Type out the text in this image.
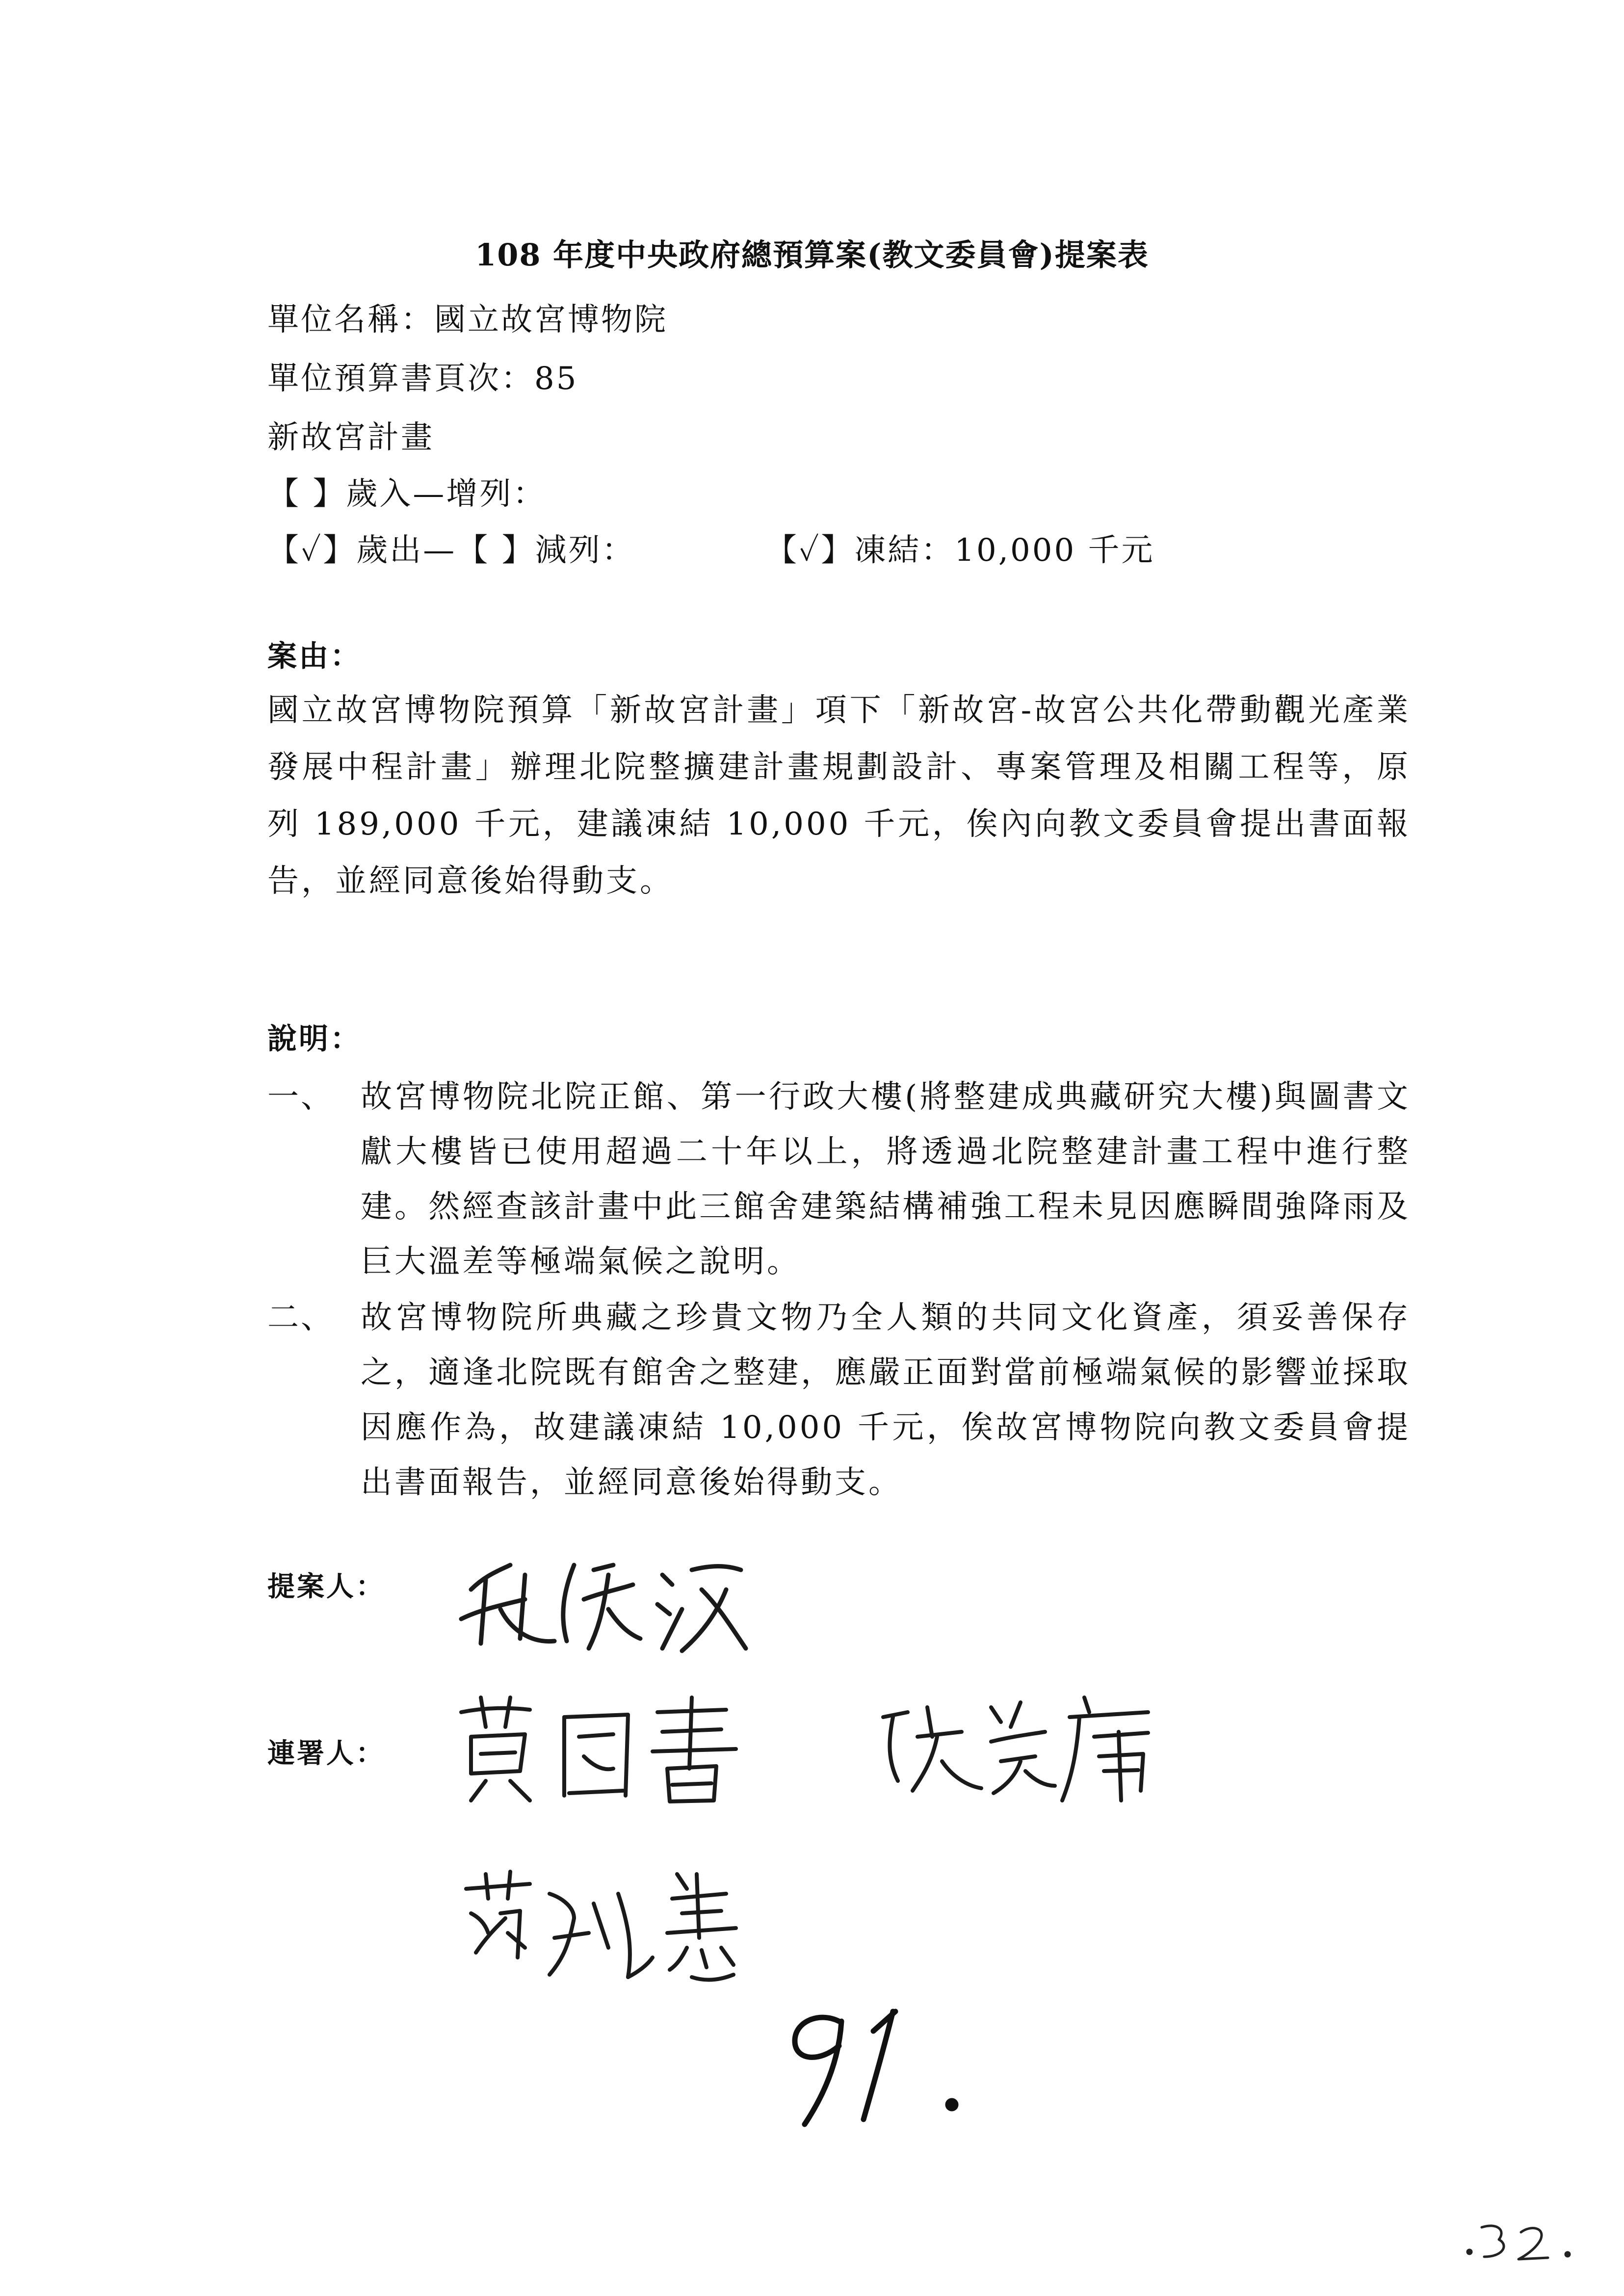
108 年度中央政府總預算案(教文委員會)提案表
單位名稱：國立故宮博物院
單位預算書頁次：85
新故宮計畫
【 】歲入—增列：
【✓】歲出—【 】減列：	【✓】凍結：10,000 千元
案由：
國立故宮博物院預算「新故宮計畫」項下「新故宮-故宮公共化帶動觀光產業發展中程計畫」辦理北院整擴建計畫規劃設計、專案管理及相關工程等，原列 189,000 千元，建議凍結 10,000 千元，俟內向教文委員會提出書面報告，並經同意後始得動支。
說明：
一、 故宮博物院北院正館、第一行政大樓(將整建成典藏研究大樓)與圖書文獻大樓皆已使用超過二十年以上，將透過北院整建計畫工程中進行整建。然經查該計畫中此三館舍建築結構補強工程未見因應瞬間強降雨及巨大溫差等極端氣候之說明。
二、 故宮博物院所典藏之珍貴文物乃全人類的共同文化資產，須妥善保存之，適逢北院既有館舍之整建，應嚴正面對當前極端氣候的影響並採取因應作為，故建議凍結 10,000 千元，俟故宮博物院向教文委員會提出書面報告，並經同意後始得動支。
提案人：
連署人：
